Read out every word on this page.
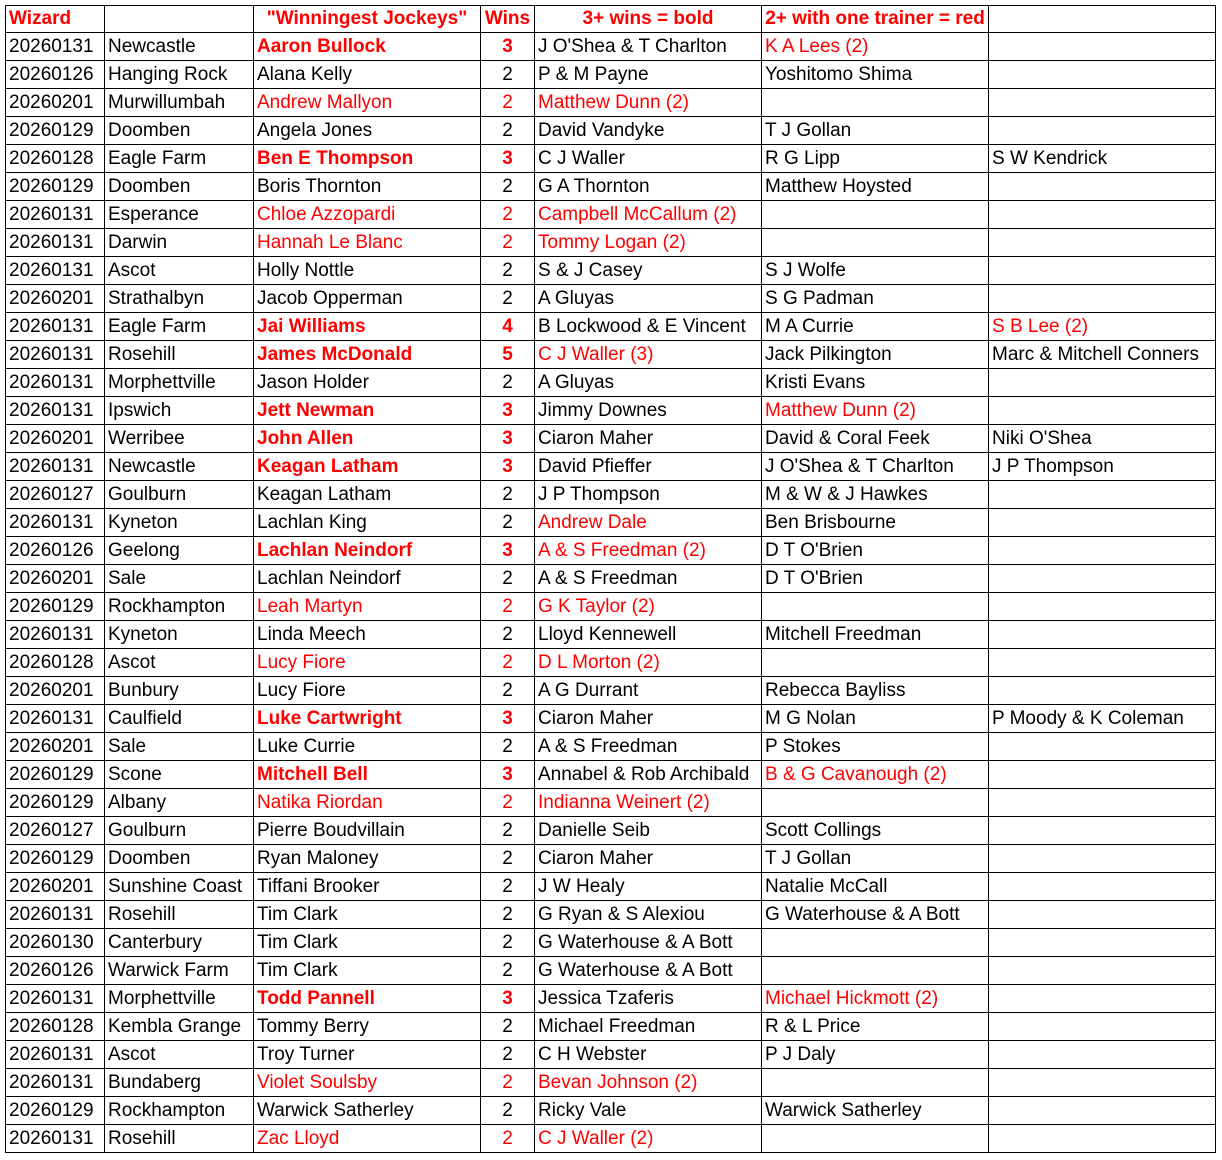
Wizard		"Winningest Jockeys"	Wins	3+ wins = bold	2+ with one trainer = red	
20260131	Newcastle	Aaron Bullock	3	J O'Shea & T Charlton	K A Lees (2)	
20260126	Hanging Rock	Alana Kelly	2	P & M Payne	Yoshitomo Shima	
20260201	Murwillumbah	Andrew Mallyon	2	Matthew Dunn (2)		
20260129	Doomben	Angela Jones	2	David Vandyke	T J Gollan	
20260128	Eagle Farm	Ben E Thompson	3	C J Waller	R G Lipp	S W Kendrick
20260129	Doomben	Boris Thornton	2	G A Thornton	Matthew Hoysted	
20260131	Esperance	Chloe Azzopardi	2	Campbell McCallum (2)		
20260131	Darwin	Hannah Le Blanc	2	Tommy Logan (2)		
20260131	Ascot	Holly Nottle	2	S & J Casey	S J Wolfe	
20260201	Strathalbyn	Jacob Opperman	2	A Gluyas	S G Padman	
20260131	Eagle Farm	Jai Williams	4	B Lockwood & E Vincent	M A Currie	S B Lee (2)
20260131	Rosehill	James McDonald	5	C J Waller (3)	Jack Pilkington	Marc & Mitchell Conners
20260131	Morphettville	Jason Holder	2	A Gluyas	Kristi Evans	
20260131	Ipswich	Jett Newman	3	Jimmy Downes	Matthew Dunn (2)	
20260201	Werribee	John Allen	3	Ciaron Maher	David & Coral Feek	Niki O'Shea
20260131	Newcastle	Keagan Latham	3	David Pfieffer	J O'Shea & T Charlton	J P Thompson
20260127	Goulburn	Keagan Latham	2	J P Thompson	M & W & J Hawkes	
20260131	Kyneton	Lachlan King	2	Andrew Dale	Ben Brisbourne	
20260126	Geelong	Lachlan Neindorf	3	A & S Freedman (2)	D T O'Brien	
20260201	Sale	Lachlan Neindorf	2	A & S Freedman	D T O'Brien	
20260129	Rockhampton	Leah Martyn	2	G K Taylor (2)		
20260131	Kyneton	Linda Meech	2	Lloyd Kennewell	Mitchell Freedman	
20260128	Ascot	Lucy Fiore	2	D L Morton (2)		
20260201	Bunbury	Lucy Fiore	2	A G Durrant	Rebecca Bayliss	
20260131	Caulfield	Luke Cartwright	3	Ciaron Maher	M G Nolan	P Moody & K Coleman
20260201	Sale	Luke Currie	2	A & S Freedman	P Stokes	
20260129	Scone	Mitchell Bell	3	Annabel & Rob Archibald	B & G Cavanough (2)	
20260129	Albany	Natika Riordan	2	Indianna Weinert (2)		
20260127	Goulburn	Pierre Boudvillain	2	Danielle Seib	Scott Collings	
20260129	Doomben	Ryan Maloney	2	Ciaron Maher	T J Gollan	
20260201	Sunshine Coast	Tiffani Brooker	2	J W Healy	Natalie McCall	
20260131	Rosehill	Tim Clark	2	G Ryan & S Alexiou	G Waterhouse & A Bott	
20260130	Canterbury	Tim Clark	2	G Waterhouse & A Bott		
20260126	Warwick Farm	Tim Clark	2	G Waterhouse & A Bott		
20260131	Morphettville	Todd Pannell	3	Jessica Tzaferis	Michael Hickmott (2)	
20260128	Kembla Grange	Tommy Berry	2	Michael Freedman	R & L Price	
20260131	Ascot	Troy Turner	2	C H Webster	P J Daly	
20260131	Bundaberg	Violet Soulsby	2	Bevan Johnson (2)		
20260129	Rockhampton	Warwick Satherley	2	Ricky Vale	Warwick Satherley	
20260131	Rosehill	Zac Lloyd	2	C J Waller (2)		
